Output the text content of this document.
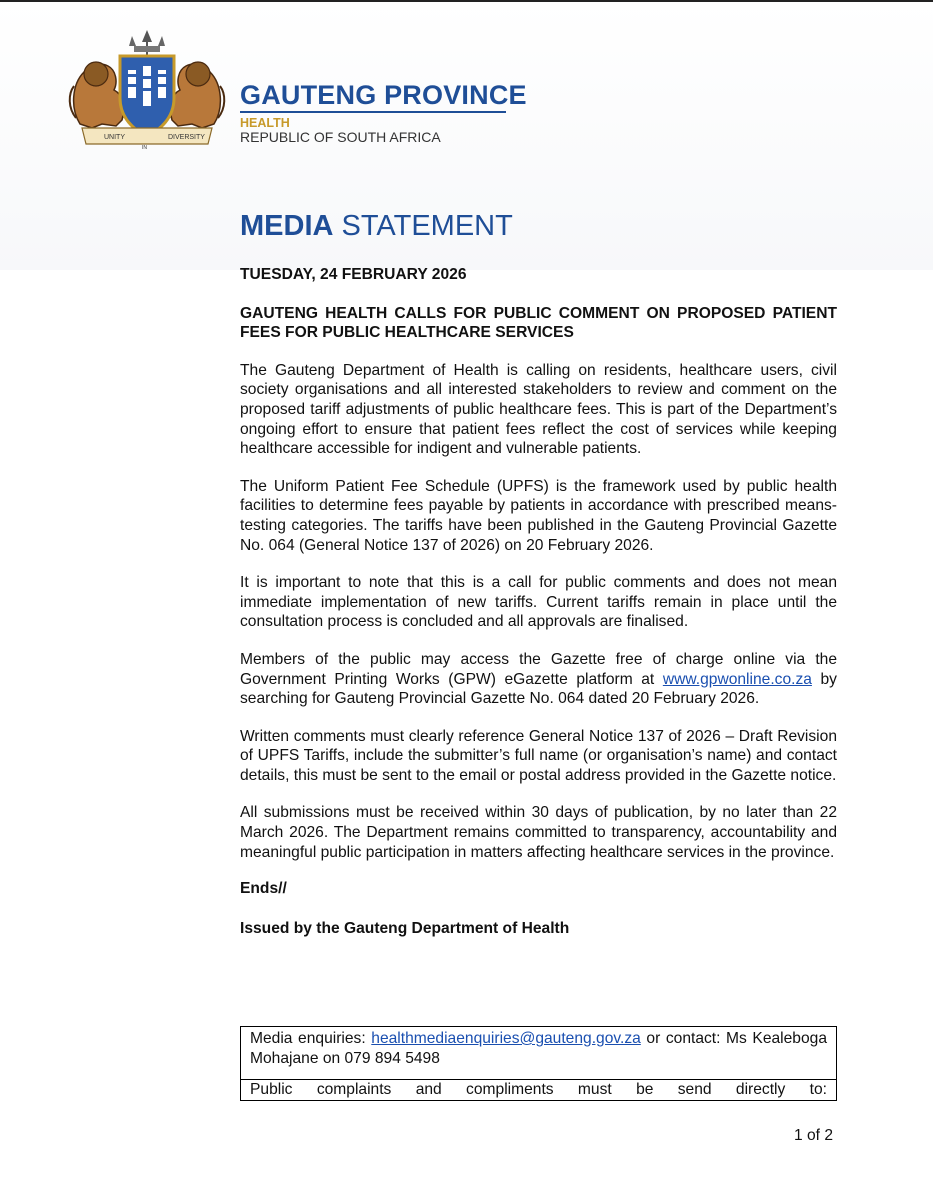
UNITY
IN
DIVERSITY
GAUTENG PROVINCE
HEALTH
REPUBLIC OF SOUTH AFRICA
MEDIA STATEMENT

TUESDAY, 24 FEBRUARY 2026

GAUTENG HEALTH CALLS FOR PUBLIC COMMENT ON PROPOSED PATIENT FEES FOR PUBLIC HEALTHCARE SERVICES

The Gauteng Department of Health is calling on residents, healthcare users, civil society organisations and all interested stakeholders to review and comment on the proposed tariff adjustments of public healthcare fees. This is part of the Department’s ongoing effort to ensure that patient fees reflect the cost of services while keeping healthcare accessible for indigent and vulnerable patients.

The Uniform Patient Fee Schedule (UPFS) is the framework used by public health facilities to determine fees payable by patients in accordance with prescribed means-testing categories. The tariffs have been published in the Gauteng Provincial Gazette No. 064 (General Notice 137 of 2026) on 20 February 2026.

It is important to note that this is a call for public comments and does not mean immediate implementation of new tariffs. Current tariffs remain in place until the consultation process is concluded and all approvals are finalised.

Members of the public may access the Gazette free of charge online via the Government Printing Works (GPW) eGazette platform at www.gpwonline.co.za by searching for Gauteng Provincial Gazette No. 064 dated 20 February 2026.

Written comments must clearly reference General Notice 137 of 2026 – Draft Revision of UPFS Tariffs, include the submitter’s full name (or organisation’s name) and contact details, this must be sent to the email or postal address provided in the Gazette notice.

All submissions must be received within 30 days of publication, by no later than 22 March 2026. The Department remains committed to transparency, accountability and meaningful public participation in matters affecting healthcare services in the province.

Ends//

Issued by the Gauteng Department of Health

Media enquiries: healthmediaenquiries@gauteng.gov.za or contact: Ms Kealeboga Mohajane on 079 894 5498

Public complaints and compliments must be send directly to:
1 of 2
